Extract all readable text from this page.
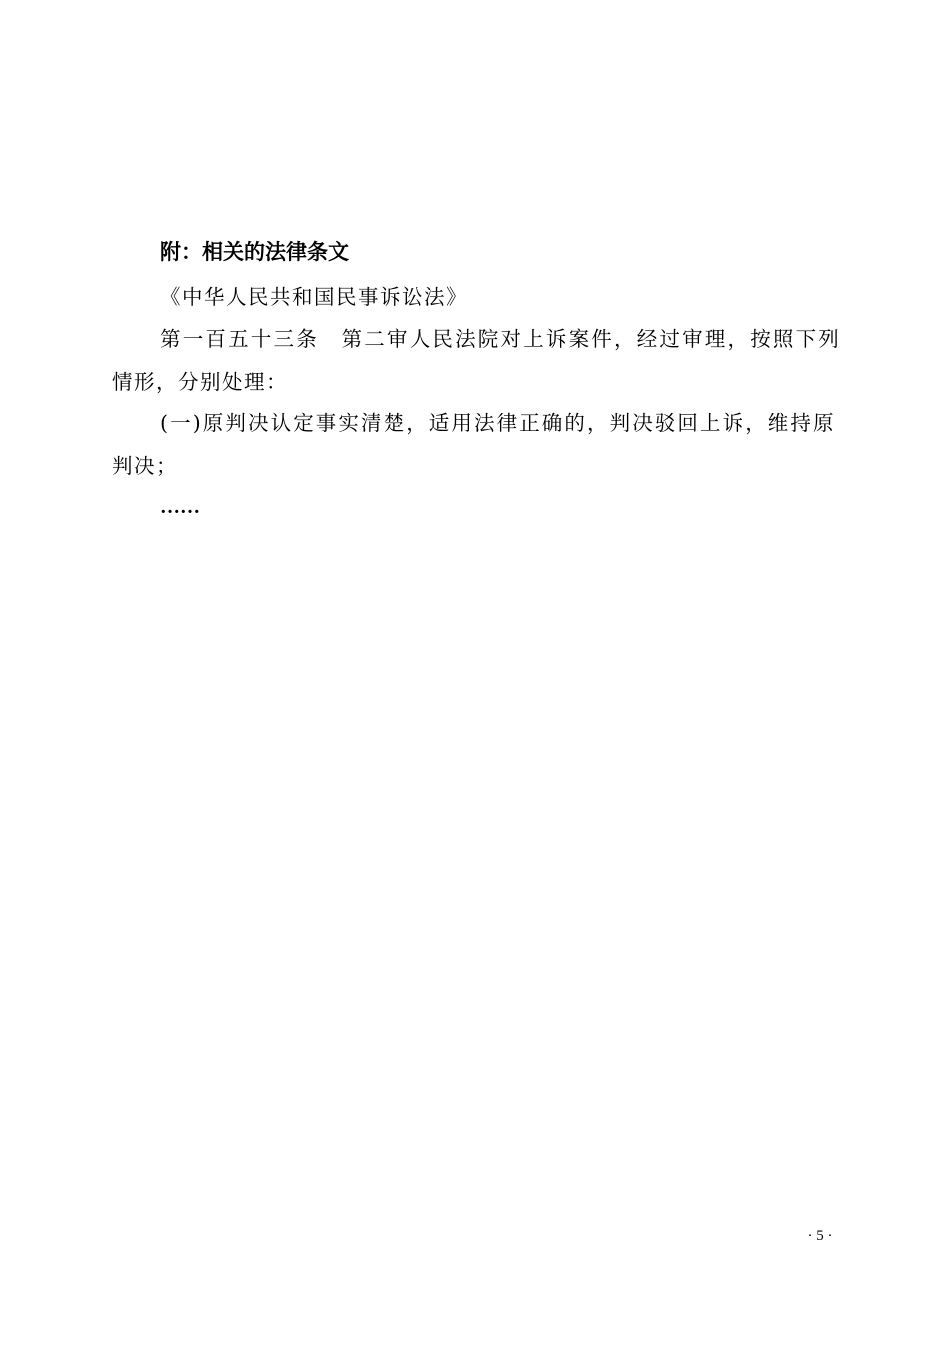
附：相关的法律条文
《中华人民共和国民事诉讼法》
第一百五十三条　第二审人民法院对上诉案件，经过审理，按照下列
情形，分别处理：
(一)原判决认定事实清楚，适用法律正确的，判决驳回上诉，维持原
判决；
……
· 5 ·
